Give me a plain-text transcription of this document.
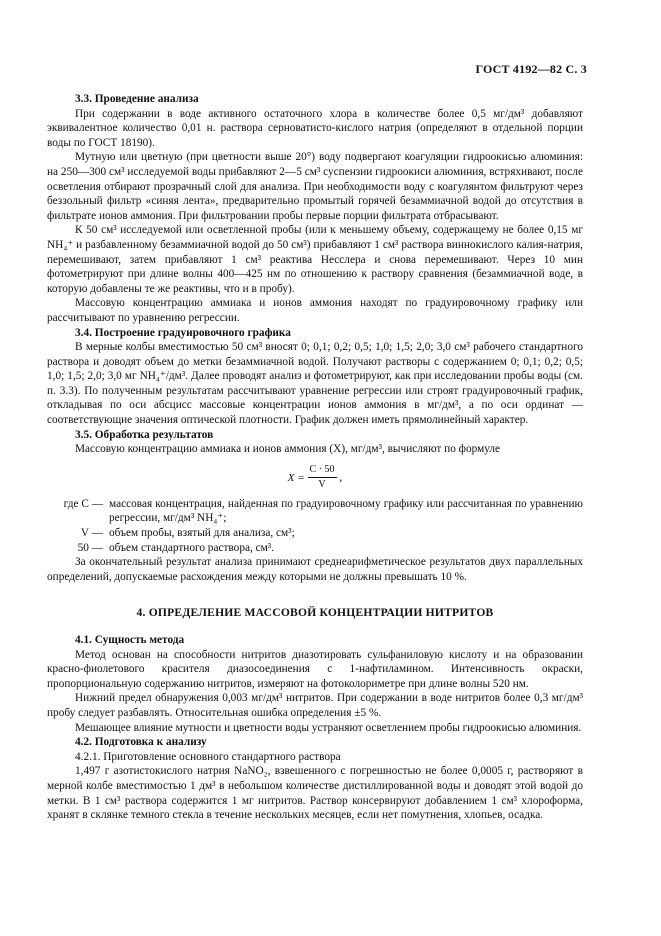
ГОСТ 4192—82 С. 3

3.3. Проведение анализа

При содержании в воде активного остаточного хлора в количестве более 0,5 мг/дм³ добавляют эквивалентное количество 0,01 н. раствора серноватисто-кислого натрия (определяют в отдельной порции воды по ГОСТ 18190).

Мутную или цветную (при цветности выше 20°) воду подвергают коагуляции гидроокисью алюминия: на 250—300 см³ исследуемой воды прибавляют 2—5 см³ суспензии гидроокиси алюминия, встряхивают, после осветления отбирают прозрачный слой для анализа. При необходимости воду с коагулянтом фильтруют через беззольный фильтр «синяя лента», предварительно промытый горячей безаммиачной водой до отсутствия в фильтрате ионов аммония. При фильтровании пробы первые порции фильтрата отбрасывают.

К 50 см³ исследуемой или осветленной пробы (или к меньшему объему, содержащему не более 0,15 мг NH₄⁺ и разбавленному безаммиачной водой до 50 см³) прибавляют 1 см³ раствора виннокислого калия-натрия, перемешивают, затем прибавляют 1 см³ реактива Несслера и снова перемешивают. Через 10 мин фотометрируют при длине волны 400—425 нм по отношению к раствору сравнения (безаммиачной воде, в которую добавлены те же реактивы, что и в пробу).

Массовую концентрацию аммиака и ионов аммония находят по градуировочному графику или рассчитывают по уравнению регрессии.

3.4. Построение градуировочного графика

В мерные колбы вместимостью 50 см³ вносят 0; 0,1; 0,2; 0,5; 1,0; 1,5; 2,0; 3,0 см³ рабочего стандартного раствора и доводят объем до метки безаммиачной водой. Получают растворы с содержанием 0; 0,1; 0,2; 0,5; 1,0; 1,5; 2,0; 3,0 мг NH₄⁺/дм³. Далее проводят анализ и фотометрируют, как при исследовании пробы воды (см. п. 3.3). По полученным результатам рассчитывают уравнение регрессии или строят градуировочный график, откладывая по оси абсцисс массовые концентрации ионов аммония в мг/дм³, а по оси ординат — соответствующие значения оптической плотности. График должен иметь прямолинейный характер.

3.5. Обработка результатов

Массовую концентрацию аммиака и ионов аммония (X), мг/дм³, вычисляют по формуле

$X = \frac{C \cdot 50}{V}$ ,
где C — массовая концентрация, найденная по градуировочному графику или рассчитанная по уравнению регрессии, мг/дм³ NH₄⁺;
V — объем пробы, взятый для анализа, см³;
50 — объем стандартного раствора, см³.

За окончательный результат анализа принимают среднеарифметическое результатов двух параллельных определений, допускаемые расхождения между которыми не должны превышать 10 %.

4. ОПРЕДЕЛЕНИЕ МАССОВОЙ КОНЦЕНТРАЦИИ НИТРИТОВ

4.1. Сущность метода

Метод основан на способности нитритов диазотировать сульфаниловую кислоту и на образовании красно-фиолетового красителя диазосоединения с 1-нафтиламином. Интенсивность окраски, пропорциональную содержанию нитритов, измеряют на фотоколориметре при длине волны 520 нм.

Нижний предел обнаружения 0,003 мг/дм³ нитритов. При содержании в воде нитритов более 0,3 мг/дм³ пробу следует разбавлять. Относительная ошибка определения ±5 %.

Мешающее влияние мутности и цветности воды устраняют осветлением пробы гидроокисью алюминия.

4.2. Подготовка к анализу

4.2.1. Приготовление основного стандартного раствора

1,497 г азотистокислого натрия NaNO₂, взвешенного с погрешностью не более 0,0005 г, растворяют в мерной колбе вместимостью 1 дм³ в небольшом количестве дистиллированной воды и доводят этой водой до метки. В 1 см³ раствора содержится 1 мг нитритов. Раствор консервируют добавлением 1 см³ хлороформа, хранят в склянке темного стекла в течение нескольких месяцев, если нет помутнения, хлопьев, осадка.
